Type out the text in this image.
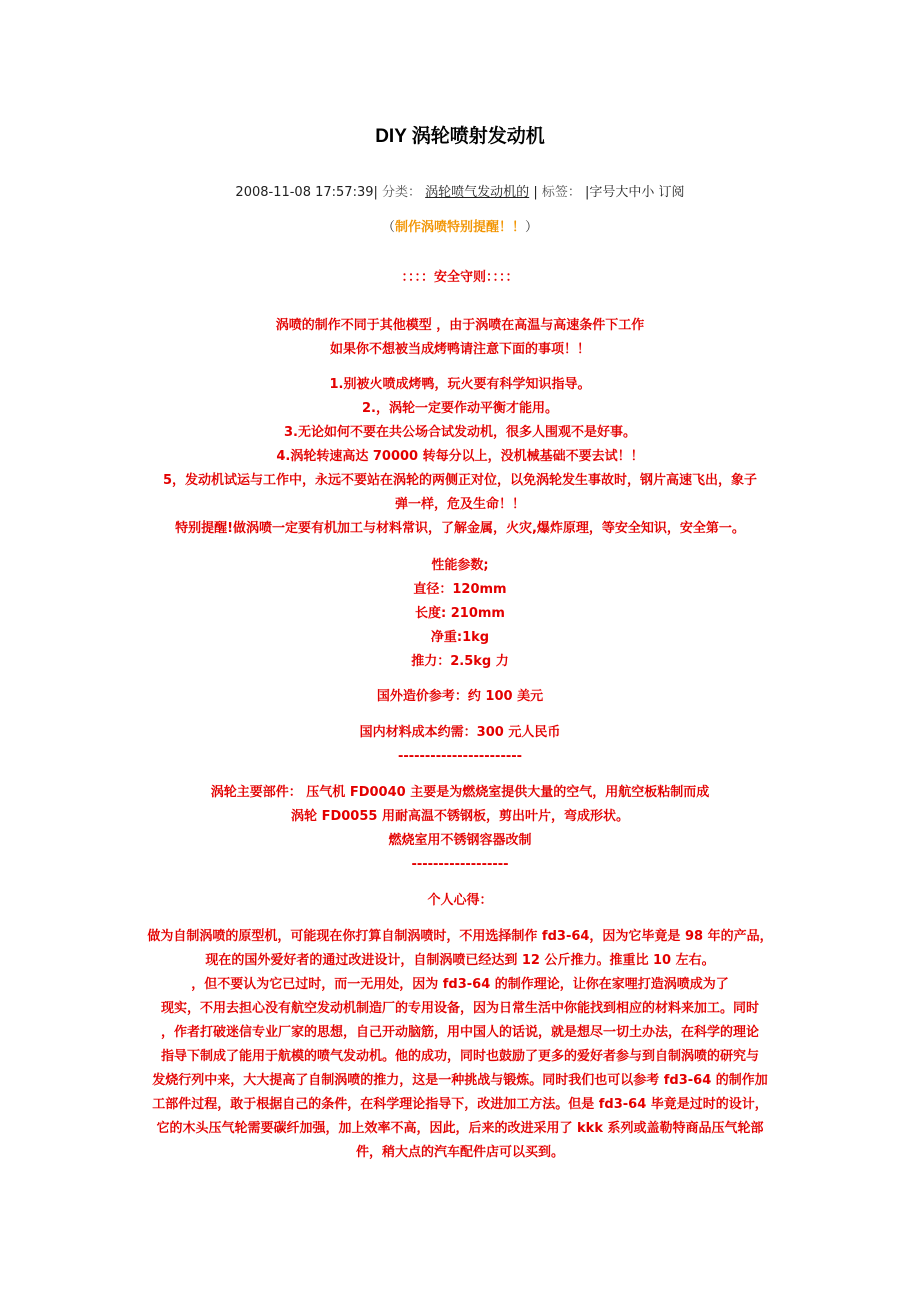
DIY 涡轮喷射发动机
2008-11-08 17:57:39| 分类： 涡轮喷气发动机的 | 标签： |字号大中小 订阅
（制作涡喷特别提醒！！）
：：：：安全守则：：：：
涡喷的制作不同于其他模型 ，由于涡喷在高温与高速条件下工作
如果你不想被当成烤鸭请注意下面的事项！！
1.别被火喷成烤鸭，玩火要有科学知识指导。
2.，涡轮一定要作动平衡才能用。
3.无论如何不要在共公场合试发动机，很多人围观不是好事。
4.涡轮转速高达 70000 转每分以上，没机械基础不要去试！！
5，发动机试运与工作中，永远不要站在涡轮的两侧正对位，以免涡轮发生事故时，钢片高速飞出，象子
弹一样，危及生命！！
特别提醒!做涡喷一定要有机加工与材料常识，了解金属，火灾,爆炸原理，等安全知识，安全第一。
性能参数;
直径：120mm
长度: 210mm
净重:1kg
推力：2.5kg 力
国外造价参考：约 100 美元
国内材料成本约需：300 元人民币
-----------------------
涡轮主要部件： 压气机 FD0040 主要是为燃烧室提供大量的空气，用航空板粘制而成
涡轮 FD0055 用耐高温不锈钢板，剪出叶片，弯成形状。
燃烧室用不锈钢容器改制
------------------
个人心得：
做为自制涡喷的原型机，可能现在你打算自制涡喷时，不用选择制作 fd3-64，因为它毕竟是 98 年的产品，
现在的国外爱好者的通过改进设计，自制涡喷已经达到 12 公斤推力。推重比 10 左右。
，但不要认为它已过时，而一无用处，因为 fd3-64 的制作理论，让你在家哩打造涡喷成为了
现实，不用去担心没有航空发动机制造厂的专用设备，因为日常生活中你能找到相应的材料来加工。同时
，作者打破迷信专业厂家的思想，自己开动脑筋，用中国人的话说，就是想尽一切土办法，在科学的理论
指导下制成了能用于航模的喷气发动机。他的成功，同时也鼓励了更多的爱好者参与到自制涡喷的研究与
发烧行列中来，大大提高了自制涡喷的推力，这是一种挑战与锻炼。同时我们也可以参考 fd3-64 的制作加
工部件过程，敢于根据自己的条件，在科学理论指导下，改进加工方法。但是 fd3-64 毕竟是过时的设计，
它的木头压气轮需要碳纤加强，加上效率不高，因此，后来的改进采用了 kkk 系列或盖勒特商品压气轮部
件，稍大点的汽车配件店可以买到。
